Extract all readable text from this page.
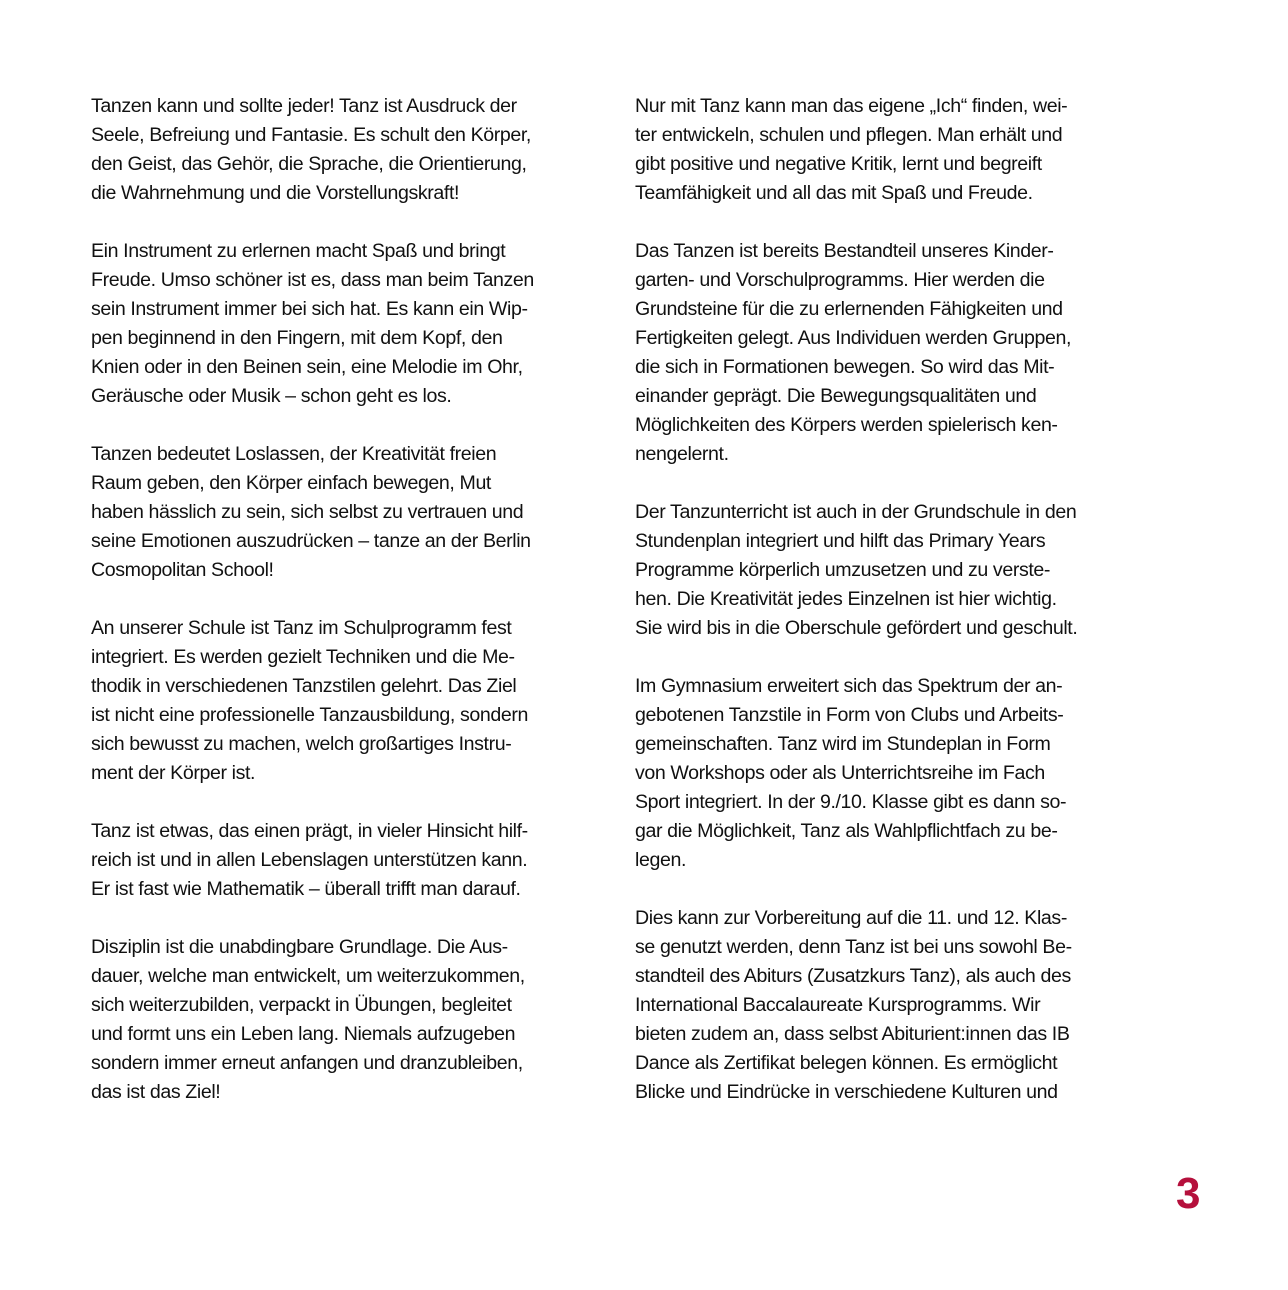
Tanzen kann und sollte jeder! Tanz ist Ausdruck der
Seele, Befreiung und Fantasie. Es schult den Körper,
den Geist, das Gehör, die Sprache, die Orientierung,
die Wahrnehmung und die Vorstellungskraft!

Ein Instrument zu erlernen macht Spaß und bringt
Freude. Umso schöner ist es, dass man beim Tanzen
sein Instrument immer bei sich hat. Es kann ein Wip-
pen beginnend in den Fingern, mit dem Kopf, den
Knien oder in den Beinen sein, eine Melodie im Ohr,
Geräusche oder Musik – schon geht es los.

Tanzen bedeutet Loslassen, der Kreativität freien
Raum geben, den Körper einfach bewegen, Mut
haben hässlich zu sein, sich selbst zu vertrauen und
seine Emotionen auszudrücken – tanze an der Berlin
Cosmopolitan School!

An unserer Schule ist Tanz im Schulprogramm fest
integriert. Es werden gezielt Techniken und die Me-
thodik in verschiedenen Tanzstilen gelehrt. Das Ziel
ist nicht eine professionelle Tanzausbildung, sondern
sich bewusst zu machen, welch großartiges Instru-
ment der Körper ist.

Tanz ist etwas, das einen prägt, in vieler Hinsicht hilf-
reich ist und in allen Lebenslagen unterstützen kann.
Er ist fast wie Mathematik – überall trifft man darauf.

Disziplin ist die unabdingbare Grundlage. Die Aus-
dauer, welche man entwickelt, um weiterzukommen,
sich weiterzubilden, verpackt in Übungen, begleitet
und formt uns ein Leben lang. Niemals aufzugeben
sondern immer erneut anfangen und dranzubleiben,
das ist das Ziel!

Nur mit Tanz kann man das eigene „Ich“ finden, wei-
ter entwickeln, schulen und pflegen. Man erhält und
gibt positive und negative Kritik, lernt und begreift
Teamfähigkeit und all das mit Spaß und Freude.

Das Tanzen ist bereits Bestandteil unseres Kinder-
garten- und Vorschulprogramms. Hier werden die
Grundsteine für die zu erlernenden Fähigkeiten und
Fertigkeiten gelegt. Aus Individuen werden Gruppen,
die sich in Formationen bewegen. So wird das Mit-
einander geprägt. Die Bewegungsqualitäten und
Möglichkeiten des Körpers werden spielerisch ken-
nengelernt.

Der Tanzunterricht ist auch in der Grundschule in den
Stundenplan integriert und hilft das Primary Years
Programme körperlich umzusetzen und zu verste-
hen. Die Kreativität jedes Einzelnen ist hier wichtig.
Sie wird bis in die Oberschule gefördert und geschult.

Im Gymnasium erweitert sich das Spektrum der an-
gebotenen Tanzstile in Form von Clubs und Arbeits-
gemeinschaften. Tanz wird im Stundeplan in Form
von Workshops oder als Unterrichtsreihe im Fach
Sport integriert. In der 9./10. Klasse gibt es dann so-
gar die Möglichkeit, Tanz als Wahlpflichtfach zu be-
legen.

Dies kann zur Vorbereitung auf die 11. und 12. Klas-
se genutzt werden, denn Tanz ist bei uns sowohl Be-
standteil des Abiturs (Zusatzkurs Tanz), als auch des
International Baccalaureate Kursprogramms. Wir
bieten zudem an, dass selbst Abiturient:innen das IB
Dance als Zertifikat belegen können. Es ermöglicht
Blicke und Eindrücke in verschiedene Kulturen und

3
